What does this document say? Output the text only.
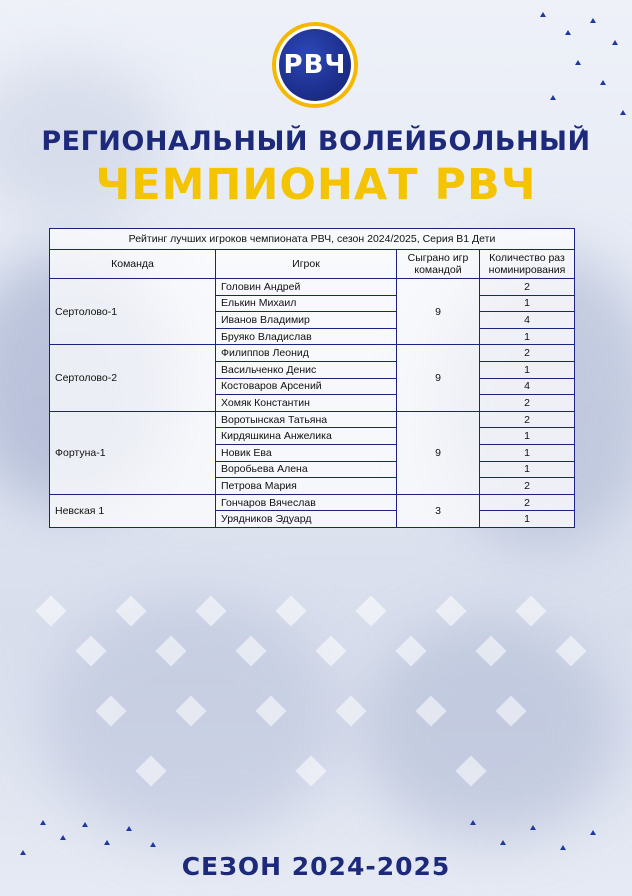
РВЧ
РЕГИОНАЛЬНЫЙ ВОЛЕЙБОЛЬНЫЙ
ЧЕМПИОНАТ РВЧ
Рейтинг лучших игроков чемпионата РВЧ, сезон 2024/2025, Серия В1 Дети			
Команда	Игрок	Сыграно игр командой	Количество раз номинирования
Сертолово-1	Головин Андрей	9	2
	Елькин Михаил		1
	Иванов Владимир		4
	Бруяко Владислав		1
Сертолово-2	Филиппов Леонид	9	2
	Васильченко Денис		1
	Костоваров Арсений		4
	Хомяк Константин		2
Фортуна-1	Воротынская Татьяна	9	2
	Кирдяшкина Анжелика		1
	Новик Ева		1
	Воробьева Алена		1
	Петрова Мария		2
Невская 1	Гончаров Вячеслав	3	2
	Урядников Эдуард		1
СЕЗОН 2024-2025
